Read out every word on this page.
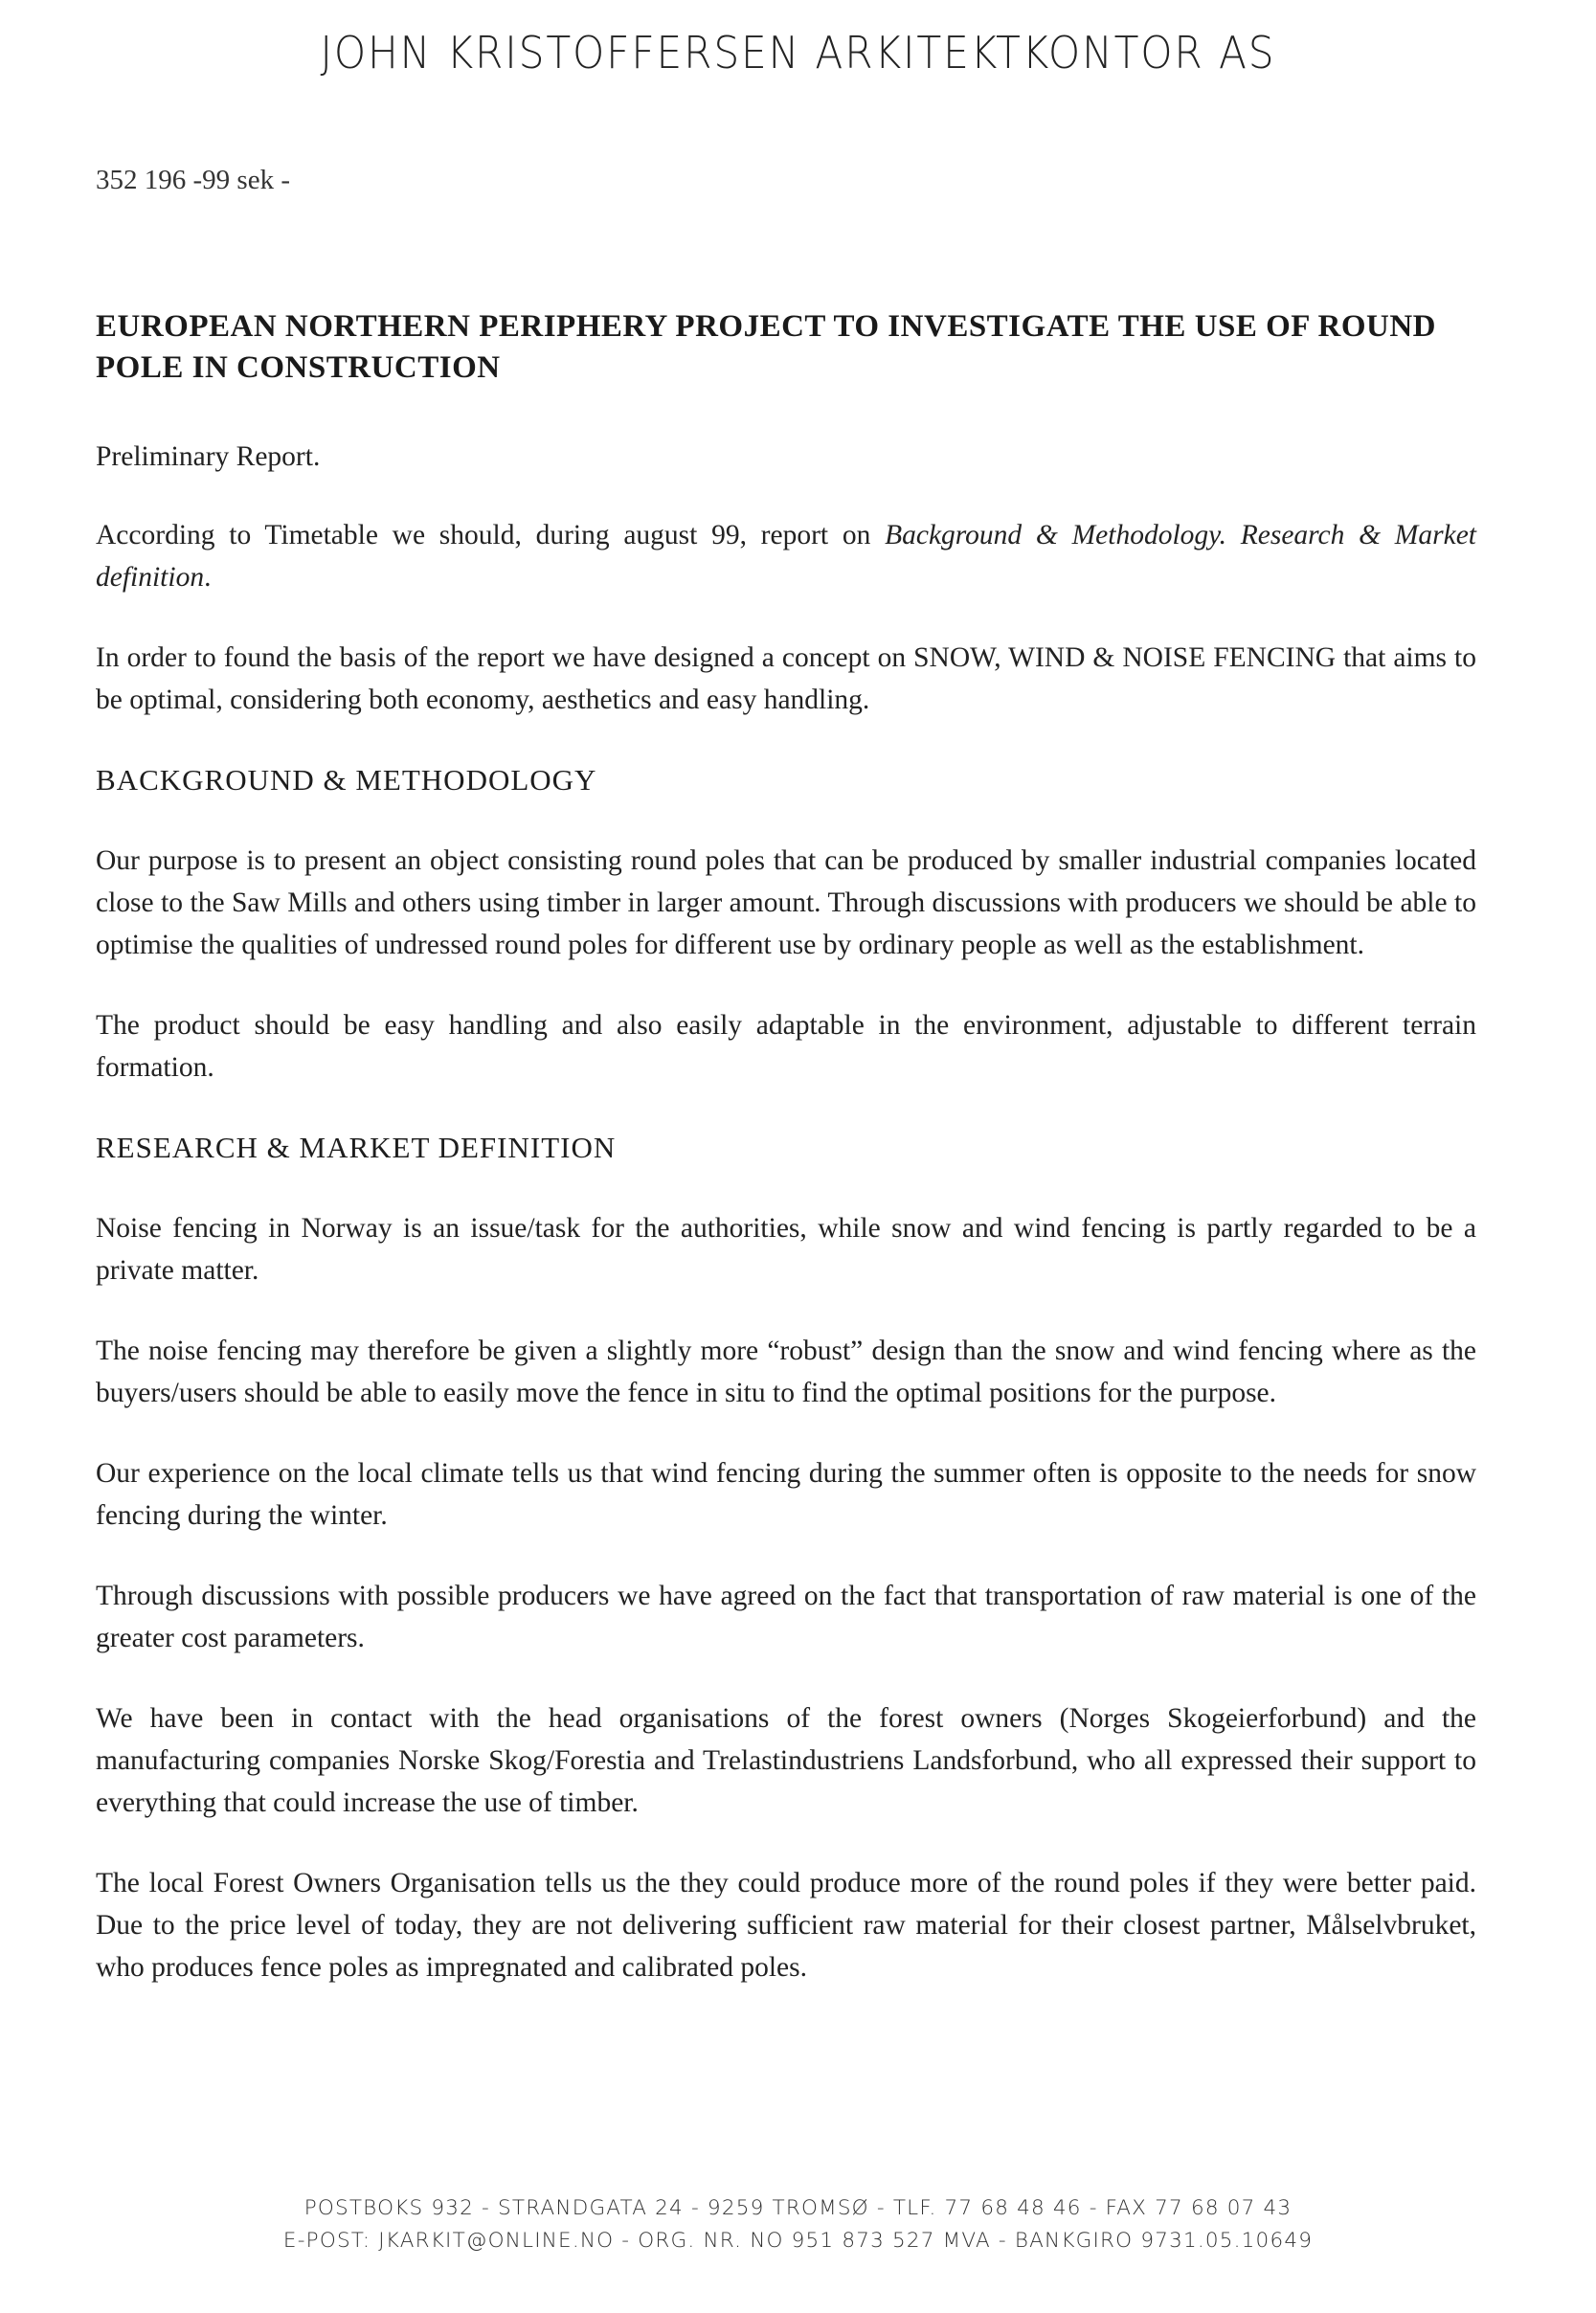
JOHN KRISTOFFERSEN ARKITEKTKONTOR AS
352 196 -99 sek -
EUROPEAN NORTHERN PERIPHERY PROJECT TO INVESTIGATE THE USE OF ROUND POLE IN CONSTRUCTION

Preliminary Report.

According to Timetable we should, during august 99, report on Background & Methodology. Research & Market definition.

In order to found the basis of the report we have designed a concept on SNOW, WIND & NOISE FENCING that aims to be optimal, considering both economy, aesthetics and easy handling.

BACKGROUND & METHODOLOGY

Our purpose is to present an object consisting round poles that can be produced by smaller industrial companies located close to the Saw Mills and others using timber in larger amount. Through discussions with producers we should be able to optimise the qualities of undressed round poles for different use by ordinary people as well as the establishment.

The product should be easy handling and also easily adaptable in the environment, adjustable to different terrain formation.

RESEARCH & MARKET DEFINITION

Noise fencing in Norway is an issue/task for the authorities, while snow and wind fencing is partly regarded to be a private matter.

The noise fencing may therefore be given a slightly more “robust” design than the snow and wind fencing where as the buyers/users should be able to easily move the fence in situ to find the optimal positions for the purpose.

Our experience on the local climate tells us that wind fencing during the summer often is opposite to the needs for snow fencing during the winter.

Through discussions with possible producers we have agreed on the fact that transportation of raw material is one of the greater cost parameters.

We have been in contact with the head organisations of the forest owners (Norges Skogeierforbund) and the manufacturing companies Norske Skog/Forestia and Trelastindustriens Landsforbund, who all expressed their support to everything that could increase the use of timber.

The local Forest Owners Organisation tells us the they could produce more of the round poles if they were better paid. Due to the price level of today, they are not delivering sufficient raw material for their closest partner, Målselvbruket, who produces fence poles as impregnated and calibrated poles.

POSTBOKS 932 - STRANDGATA 24 - 9259 TROMSØ - TLF. 77 68 48 46 - FAX 77 68 07 43
E-POST: JKARKIT@ONLINE.NO - ORG. NR. NO 951 873 527 MVA - BANKGIRO 9731.05.10649
